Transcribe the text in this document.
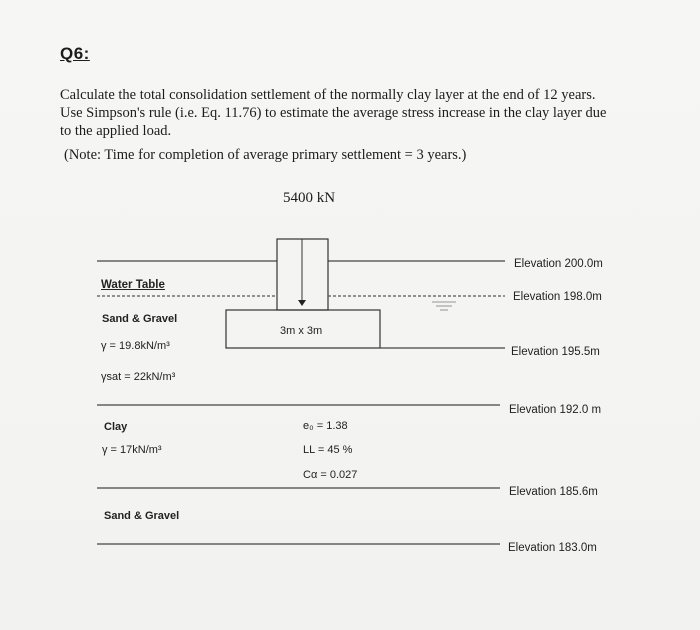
Q6:
Calculate the total consolidation settlement of the normally clay layer at the end of 12 years. Use Simpson's rule (i.e. Eq. 11.76) to estimate the average stress increase in the clay layer due to the applied load.
(Note: Time for completion of average primary settlement = 3 years.)
5400 kN
3m x 3m
Water Table
Elevation 200.0m
Elevation 198.0m
Elevation 195.5m
Elevation 192.0 m
Elevation 185.6m
Elevation 183.0m
Sand & Gravel
γ = 19.8kN/m³
γsat = 22kN/m³
Clay
γ = 17kN/m³
e₀ = 1.38
LL = 45 %
Cα = 0.027
Sand & Gravel
